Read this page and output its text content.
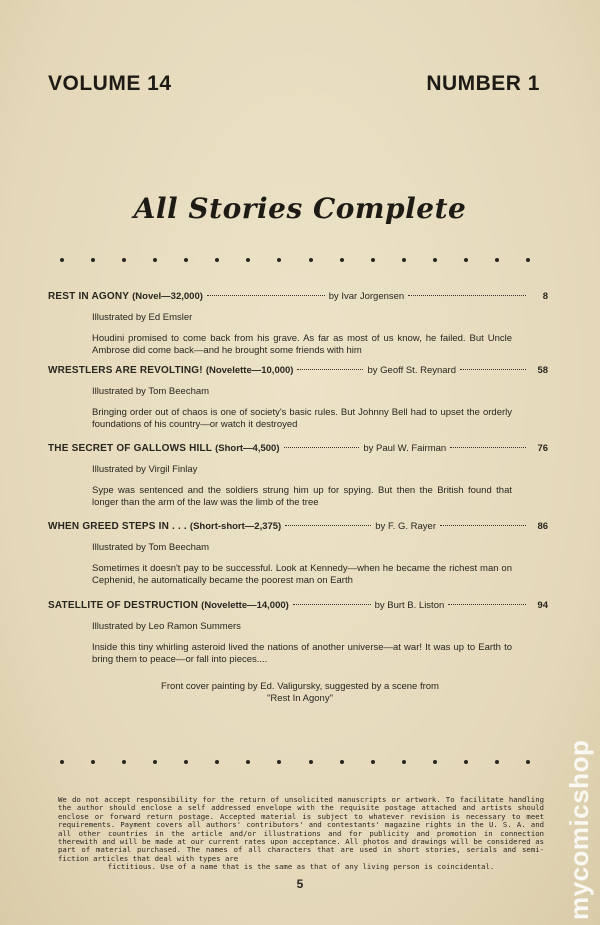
VOLUME 14	NUMBER 1
All Stories Complete
REST IN AGONY (Novel—32,000)	by Ivar Jorgensen	8
Illustrated by Ed Emsler
Houdini promised to come back from his grave. As far as most of us know, he failed. But Uncle Ambrose did come back—and he brought some friends with him
WRESTLERS ARE REVOLTING! (Novelette—10,000)	by Geoff St. Reynard	58
Illustrated by Tom Beecham
Bringing order out of chaos is one of society's basic rules. But Johnny Bell had to upset the orderly foundations of his country—or watch it destroyed
THE SECRET OF GALLOWS HILL (Short—4,500)	by Paul W. Fairman	76
Illustrated by Virgil Finlay
Sype was sentenced and the soldiers strung him up for spying. But then the British found that longer than the arm of the law was the limb of the tree
WHEN GREED STEPS IN . . . (Short-short—2,375)	by F. G. Rayer	86
Illustrated by Tom Beecham
Sometimes it doesn't pay to be successful. Look at Kennedy—when he became the richest man on Cephenid, he automatically became the poorest man on Earth
SATELLITE OF DESTRUCTION (Novelette—14,000)	by Burt B. Liston	94
Illustrated by Leo Ramon Summers
Inside this tiny whirling asteroid lived the nations of another universe—at war! It was up to Earth to bring them to peace—or fall into pieces....
Front cover painting by Ed. Valigursky, suggested by a scene from "Rest In Agony"
We do not accept responsibility for the return of unsolicited manuscripts or artwork. To facilitate handling the author should enclose a self addressed envelope with the requisite postage attached and artists should enclose or forward return postage. Accepted material is subject to whatever revision is necessary to meet requirements. Payment covers all authors' contributors' and contestants' magazine rights in the U. S. A. and all other countries in the article and/or illustrations and for publicity and promotion in connection therewith and will be made at our current rates upon acceptance. All photos and drawings will be considered as part of material purchased. The names of all characters that are used in short stories, serials and semi-fiction articles that deal with types are
fictitious. Use of a name that is the same as that of any living person is coincidental.
5	mycomicshop
